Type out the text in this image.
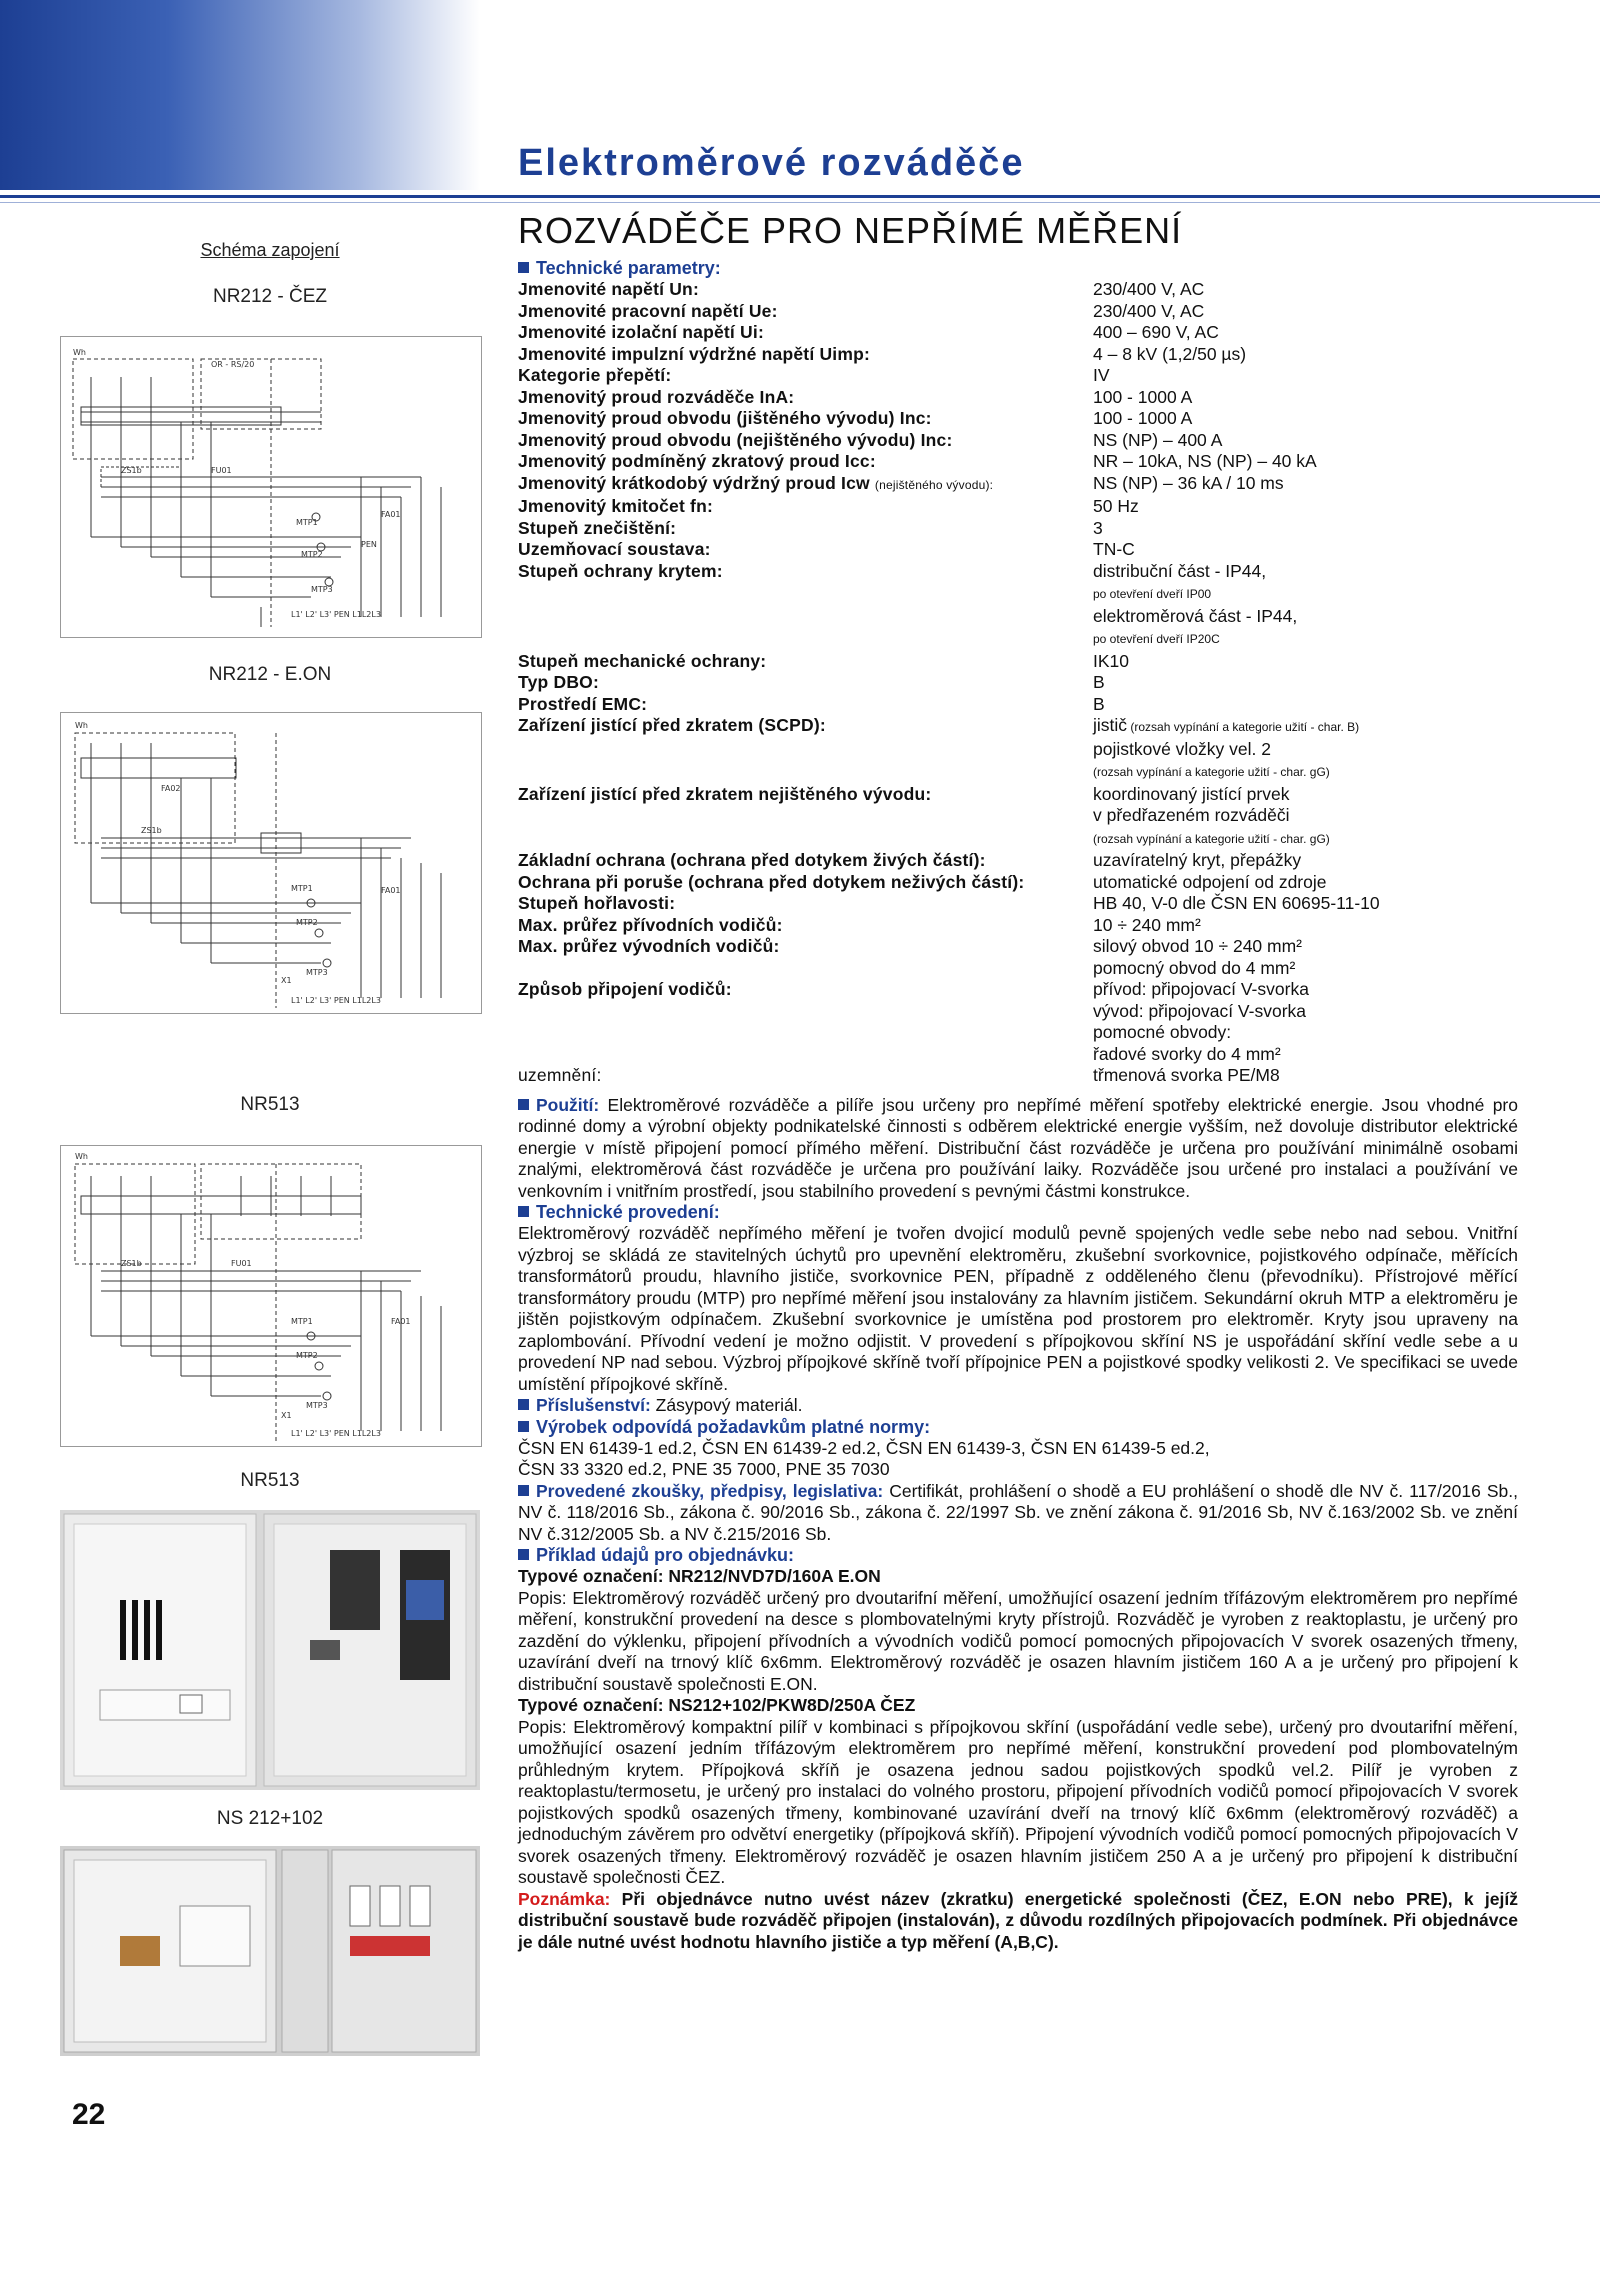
Elektroměrové rozváděče
Schéma zapojení
NR212 - ČEZ
Wh
OR - RS/20
ZS1b	FU01
MTP1
MTP2
MTP3
FA01
PEN
L1' L2' L3' PEN L1L2L3
NR212 - E.ON
Wh
FA02
ZS1b
MTP1	FA01
MTP2
MTP3
X1
L1' L2' L3' PEN L1L2L3
NR513
Wh
ZS1b	FU01
MTP1	FA01
MTP2
MTP3
X1
L1' L2' L3' PEN L1L2L3
NR513
NS 212+102
22
ROZVÁDĚČE PRO NEPŘÍMÉ MĚŘENÍ
Technické parametry:
Jmenovité napětí Un:	230/400 V, AC
Jmenovité pracovní napětí Ue:	230/400 V, AC
Jmenovité izolační napětí Ui:	400 – 690 V, AC
Jmenovité impulzní výdržné napětí Uimp:	4 – 8 kV (1,2/50 µs)
Kategorie přepětí:	IV
Jmenovitý proud rozváděče InA:	100 - 1000 A
Jmenovitý proud obvodu (jištěného vývodu) Inc:	100 - 1000 A
Jmenovitý proud obvodu (nejištěného vývodu) Inc:	NS (NP) – 400 A
Jmenovitý podmíněný zkratový proud Icc:	NR – 10kA, NS (NP) – 40 kA
Jmenovitý krátkodobý výdržný proud Icw (nejištěného vývodu):	NS (NP) – 36 kA / 10 ms
Jmenovitý kmitočet fn:	50 Hz
Stupeň znečištění:	3
Uzemňovací soustava:	TN-C
Stupeň ochrany krytem:	distribuční část - IP44,
po otevření dveří IP00
elektroměrová část - IP44,
po otevření dveří IP20C
Stupeň mechanické ochrany:	IK10
Typ DBO:	B
Prostředí EMC:	B
Zařízení jistící před zkratem (SCPD):	jistič (rozsah vypínání a kategorie užití - char. B)
pojistkové vložky vel. 2
(rozsah vypínání a kategorie užití - char. gG)
Zařízení jistící před zkratem nejištěného vývodu:	koordinovaný jistící prvek
v předřazeném rozváděči
(rozsah vypínání a kategorie užití - char. gG)
Základní ochrana (ochrana před dotykem živých částí):	uzavíratelný kryt, přepážky
Ochrana při poruše (ochrana před dotykem neživých částí):	utomatické odpojení od zdroje
Stupeň hořlavosti:	HB 40, V-0 dle ČSN EN 60695-11-10
Max. průřez přívodních vodičů:	10 ÷ 240 mm²
Max. průřez vývodních vodičů:	silový obvod 10 ÷ 240 mm²
pomocný obvod do 4 mm²
Způsob připojení vodičů:	přívod: připojovací V-svorka
vývod: připojovací V-svorka
pomocné obvody:
řadové svorky do 4 mm²
uzemnění:	třmenová svorka PE/M8

Použití: Elektroměrové rozváděče a pilíře jsou určeny pro nepřímé měření spotřeby elektrické energie. Jsou vhodné pro rodinné domy a výrobní objekty podnikatelské činnosti s odběrem elektrické energie vyšším, než dovoluje distributor elektrické energie v místě připojení pomocí přímého měření. Distribuční část rozváděče je určena pro používání minimálně osobami znalými, elektroměrová část rozváděče je určena pro používání laiky. Rozváděče jsou určené pro instalaci a používání ve venkovním i vnitřním prostředí, jsou stabilního provedení s pevnými částmi konstrukce.

Technické provedení:

Elektroměrový rozváděč nepřímého měření je tvořen dvojicí modulů pevně spojených vedle sebe nebo nad sebou. Vnitřní výzbroj se skládá ze stavitelných úchytů pro upevnění elektroměru, zkušební svorkovnice, pojistkového odpínače, měřících transformátorů proudu, hlavního jističe, svorkovnice PEN, případně z odděleného členu (převodníku). Přístrojové měřící transformátory proudu (MTP) pro nepřímé měření jsou instalovány za hlavním jističem. Sekundární okruh MTP a elektroměru je jištěn pojistkovým odpínačem. Zkušební svorkovnice je umístěna pod prostorem pro elektroměr. Kryty jsou upraveny na zaplombování. Přívodní vedení je možno odjistit. V provedení s přípojkovou skříní NS je uspořádání skříní vedle sebe a u provedení NP nad sebou. Výzbroj přípojkové skříně tvoří přípojnice PEN a pojistkové spodky velikosti 2. Ve specifikaci se uvede umístění přípojkové skříně.

Příslušenství: Zásypový materiál.

Výrobek odpovídá požadavkům platné normy:

ČSN EN 61439-1 ed.2, ČSN EN 61439-2 ed.2, ČSN EN 61439-3, ČSN EN 61439-5 ed.2,

ČSN 33 3320 ed.2, PNE 35 7000, PNE 35 7030

Provedené zkoušky, předpisy, legislativa: Certifikát, prohlášení o shodě a EU prohlášení o shodě dle NV č. 117/2016 Sb., NV č. 118/2016 Sb., zákona č. 90/2016 Sb., zákona č. 22/1997 Sb. ve znění zákona č. 91/2016 Sb, NV č.163/2002 Sb. ve znění NV č.312/2005 Sb. a NV č.215/2016 Sb.

Příklad údajů pro objednávku:

Typové označení: NR212/NVD7D/160A E.ON

Popis: Elektroměrový rozváděč určený pro dvoutarifní měření, umožňující osazení jedním třífázovým elektroměrem pro nepřímé měření, konstrukční provedení na desce s plombovatelnými kryty přístrojů. Rozváděč je vyroben z reaktoplastu, je určený pro zazdění do výklenku, připojení přívodních a vývodních vodičů pomocí pomocných připojovacích V svorek osazených třmeny, uzavírání dveří na trnový klíč 6x6mm. Elektroměrový rozváděč je osazen hlavním jističem 160 A a je určený pro připojení k distribuční soustavě společnosti E.ON.

Typové označení: NS212+102/PKW8D/250A ČEZ

Popis: Elektroměrový kompaktní pilíř v kombinaci s přípojkovou skříní (uspořádání vedle sebe), určený pro dvoutarifní měření, umožňující osazení jedním třífázovým elektroměrem pro nepřímé měření, konstrukční provedení pod plombovatelným průhledným krytem. Přípojková skříň je osazena jednou sadou pojistkových spodků vel.2. Pilíř je vyroben z reaktoplastu/termosetu, je určený pro instalaci do volného prostoru, připojení přívodních vodičů pomocí připojovacích V svorek pojistkových spodků osazených třmeny, kombinované uzavírání dveří na trnový klíč 6x6mm (elektroměrový rozváděč) a jednoduchým závěrem pro odvětví energetiky (přípojková skříň). Připojení vývodních vodičů pomocí pomocných připojovacích V svorek osazených třmeny. Elektroměrový rozváděč je osazen hlavním jističem 250 A a je určený pro připojení k distribuční soustavě společnosti ČEZ.

Poznámka: Při objednávce nutno uvést název (zkratku) energetické společnosti (ČEZ, E.ON nebo PRE), k jejíž distribuční soustavě bude rozváděč připojen (instalován), z důvodu rozdílných připojovacích podmínek. Při objednávce je dále nutné uvést hodnotu hlavního jističe a typ měření (A,B,C).
